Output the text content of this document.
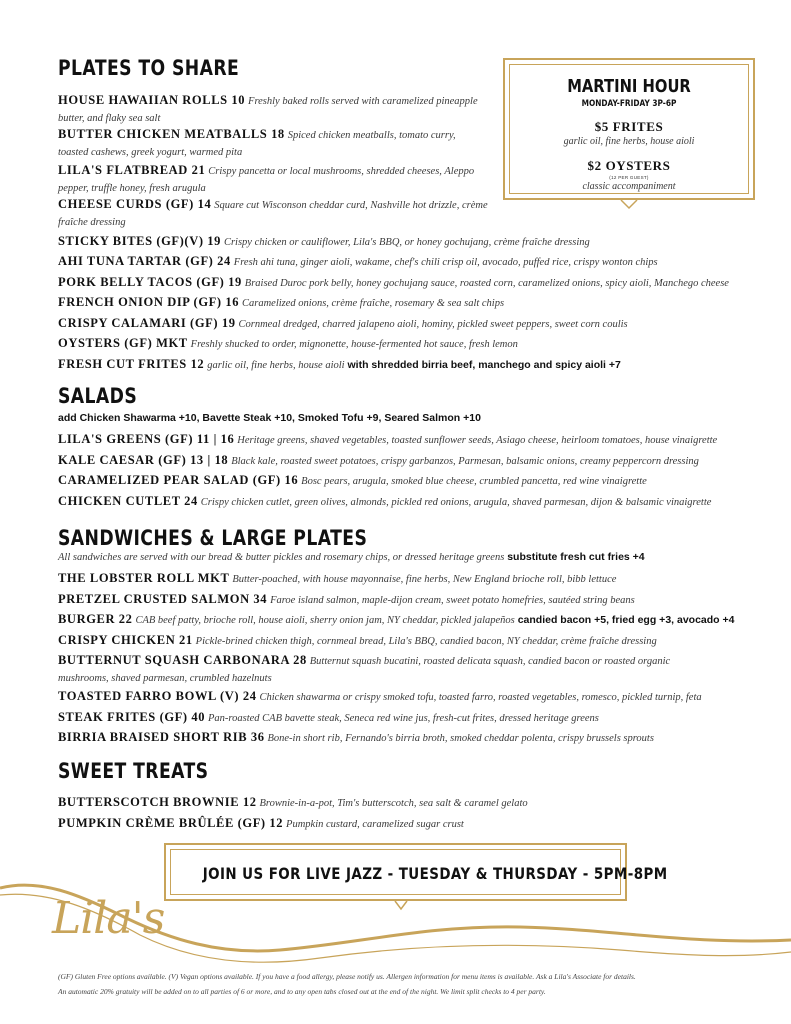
PLATES TO SHARE
HOUSE HAWAIIAN ROLLS 10 Freshly baked rolls served with caramelized pineapple butter, and flaky sea salt
BUTTER CHICKEN MEATBALLS 18 Spiced chicken meatballs, tomato curry, toasted cashews, greek yogurt, warmed pita
LILA'S FLATBREAD 21 Crispy pancetta or local mushrooms, shredded cheeses, Aleppo pepper, truffle honey, fresh arugula
CHEESE CURDS (GF) 14 Square cut Wisconson cheddar curd, Nashville hot drizzle, crème fraîche dressing
STICKY BITES (GF)(V) 19 Crispy chicken or cauliflower, Lila's BBQ, or honey gochujang, crème fraîche dressing
AHI TUNA TARTAR (GF) 24 Fresh ahi tuna, ginger aioli, wakame, chef's chili crisp oil, avocado, puffed rice, crispy wonton chips
PORK BELLY TACOS (GF) 19 Braised Duroc pork belly, honey gochujang sauce, roasted corn, caramelized onions, spicy aioli, Manchego cheese
FRENCH ONION DIP (GF) 16 Caramelized onions, crème fraîche, rosemary & sea salt chips
CRISPY CALAMARI (GF) 19 Cornmeal dredged, charred jalapeno aioli, hominy, pickled sweet peppers, sweet corn coulis
OYSTERS (GF) MKT Freshly shucked to order, mignonette, house-fermented hot sauce, fresh lemon
FRESH CUT FRITES 12 garlic oil, fine herbs, house aioli with shredded birria beef, manchego and spicy aioli +7
MARTINI HOUR
MONDAY-FRIDAY 3P-6P
$5 FRITES
garlic oil, fine herbs, house aioli
$2 OYSTERS
(12 PER GUEST)
classic accompaniment
SALADS
add Chicken Shawarma +10, Bavette Steak +10, Smoked Tofu +9, Seared Salmon +10
LILA'S GREENS (GF) 11 | 16 Heritage greens, shaved vegetables, toasted sunflower seeds, Asiago cheese, heirloom tomatoes, house vinaigrette
KALE CAESAR (GF) 13 | 18 Black kale, roasted sweet potatoes, crispy garbanzos, Parmesan, balsamic onions, creamy peppercorn dressing
CARAMELIZED PEAR SALAD (GF) 16 Bosc pears, arugula, smoked blue cheese, crumbled pancetta, red wine vinaigrette
CHICKEN CUTLET 24 Crispy chicken cutlet, green olives, almonds, pickled red onions, arugula, shaved parmesan, dijon & balsamic vinaigrette
SANDWICHES & LARGE PLATES
All sandwiches are served with our bread & butter pickles and rosemary chips, or dressed heritage greens substitute fresh cut fries +4
THE LOBSTER ROLL MKT Butter-poached, with house mayonnaise, fine herbs, New England brioche roll, bibb lettuce
PRETZEL CRUSTED SALMON 34 Faroe island salmon, maple-dijon cream, sweet potato homefries, sautéed string beans
BURGER 22 CAB beef patty, brioche roll, house aioli, sherry onion jam, NY cheddar, pickled jalapeños candied bacon +5, fried egg +3, avocado +4
CRISPY CHICKEN 21 Pickle-brined chicken thigh, cornmeal bread, Lila's BBQ, candied bacon, NY cheddar, crème fraîche dressing
BUTTERNUT SQUASH CARBONARA 28 Butternut squash bucatini, roasted delicata squash, candied bacon or roasted organic mushrooms, shaved parmesan, crumbled hazelnuts
TOASTED FARRO BOWL (V) 24 Chicken shawarma or crispy smoked tofu, toasted farro, roasted vegetables, romesco, pickled turnip, feta
STEAK FRITES (GF) 40 Pan-roasted CAB bavette steak, Seneca red wine jus, fresh-cut frites, dressed heritage greens
BIRRIA BRAISED SHORT RIB 36 Bone-in short rib, Fernando's birria broth, smoked cheddar polenta, crispy brussels sprouts
SWEET TREATS
BUTTERSCOTCH BROWNIE 12 Brownie-in-a-pot, Tim's butterscotch, sea salt & caramel gelato
PUMPKIN CRÈME BRÛLÉE (GF) 12 Pumpkin custard, caramelized sugar crust
JOIN US FOR LIVE JAZZ - TUESDAY & THURSDAY - 5PM-8PM
Lila's
(GF) Gluten Free options available. (V) Vegan options available. If you have a food allergy, please notify us. Allergen information for menu items is available. Ask a Lila's Associate for details.
An automatic 20% gratuity will be added on to all parties of 6 or more, and to any open tabs closed out at the end of the night. We limit split checks to 4 per party.
